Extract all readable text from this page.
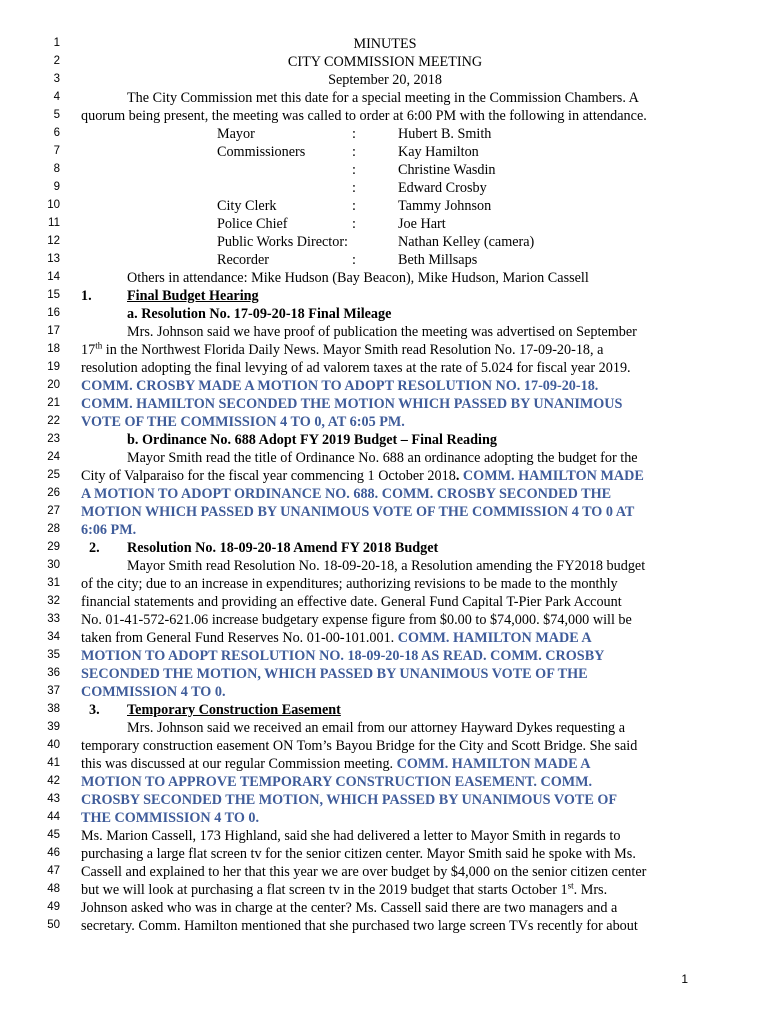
1
2
3
4
5
6
7
8
9
10
11
12
13
14
15
16
17
18
19
20
21
22
23
24
25
26
27
28
29
30
31
32
33
34
35
36
37
38
39
40
41
42
43
44
45
46
47
48
49
50
MINUTES
CITY COMMISSION MEETING
September 20, 2018
The City Commission met this date for a special meeting in the Commission Chambers. A
quorum being present, the meeting was called to order at 6:00 PM with the following in attendance.
Mayor	:	Hubert B. Smith
Commissioners	:	Kay Hamilton
:	Christine Wasdin
:	Edward Crosby
City Clerk	:	Tammy Johnson
Police Chief	:	Joe Hart
Public Works Director:	Nathan Kelley (camera)
Recorder	:	Beth Millsaps
Others in attendance: Mike Hudson (Bay Beacon), Mike Hudson, Marion Cassell
1. Final Budget Hearing
a. Resolution No. 17-09-20-18 Final Mileage
Mrs. Johnson said we have proof of publication the meeting was advertised on September
17th in the Northwest Florida Daily News. Mayor Smith read Resolution No. 17-09-20-18, a
resolution adopting the final levying of ad valorem taxes at the rate of 5.024 for fiscal year 2019.
COMM. CROSBY MADE A MOTION TO ADOPT RESOLUTION NO. 17-09-20-18.
COMM. HAMILTON SECONDED THE MOTION WHICH PASSED BY UNANIMOUS
VOTE OF THE COMMISSION 4 TO 0, AT 6:05 PM.
b. Ordinance No. 688 Adopt FY 2019 Budget – Final Reading
Mayor Smith read the title of Ordinance No. 688 an ordinance adopting the budget for the
City of Valparaiso for the fiscal year commencing 1 October 2018. COMM. HAMILTON MADE
A MOTION TO ADOPT ORDINANCE NO. 688. COMM. CROSBY SECONDED THE
MOTION WHICH PASSED BY UNANIMOUS VOTE OF THE COMMISSION 4 TO 0 AT
6:06 PM.
2. Resolution No. 18-09-20-18 Amend FY 2018 Budget
Mayor Smith read Resolution No. 18-09-20-18, a Resolution amending the FY2018 budget
of the city; due to an increase in expenditures; authorizing revisions to be made to the monthly
financial statements and providing an effective date. General Fund Capital T-Pier Park Account
No. 01-41-572-621.06 increase budgetary expense figure from $0.00 to $74,000. $74,000 will be
taken from General Fund Reserves No. 01-00-101.001. COMM. HAMILTON MADE A
MOTION TO ADOPT RESOLUTION NO. 18-09-20-18 AS READ. COMM. CROSBY
SECONDED THE MOTION, WHICH PASSED BY UNANIMOUS VOTE OF THE
COMMISSION 4 TO 0.
3. Temporary Construction Easement
Mrs. Johnson said we received an email from our attorney Hayward Dykes requesting a
temporary construction easement ON Tom’s Bayou Bridge for the City and Scott Bridge. She said
this was discussed at our regular Commission meeting. COMM. HAMILTON MADE A
MOTION TO APPROVE TEMPORARY CONSTRUCTION EASEMENT. COMM.
CROSBY SECONDED THE MOTION, WHICH PASSED BY UNANIMOUS VOTE OF
THE COMMISSION 4 TO 0.
Ms. Marion Cassell, 173 Highland, said she had delivered a letter to Mayor Smith in regards to
purchasing a large flat screen tv for the senior citizen center. Mayor Smith said he spoke with Ms.
Cassell and explained to her that this year we are over budget by $4,000 on the senior citizen center
but we will look at purchasing a flat screen tv in the 2019 budget that starts October 1st. Mrs.
Johnson asked who was in charge at the center? Ms. Cassell said there are two managers and a
secretary. Comm. Hamilton mentioned that she purchased two large screen TVs recently for about
1
